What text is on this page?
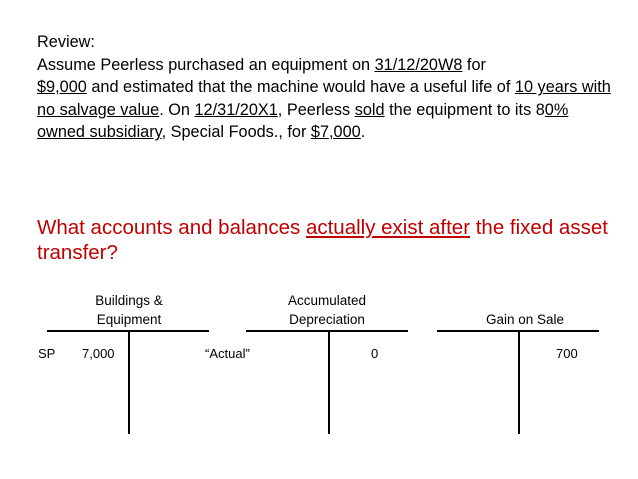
Review:
Assume Peerless purchased an equipment on 31/12/20W8 for
$9,000 and estimated that the machine would have a useful life of 10 years with no salvage value. On 12/31/20X1, Peerless sold the equipment to its 80% owned subsidiary, Special Foods., for $7,000.
What accounts and balances actually exist after the fixed asset transfer?
Buildings &
Equipment
SP 7,000
Accumulated
Depreciation
“Actual”	0
Gain on Sale
700
